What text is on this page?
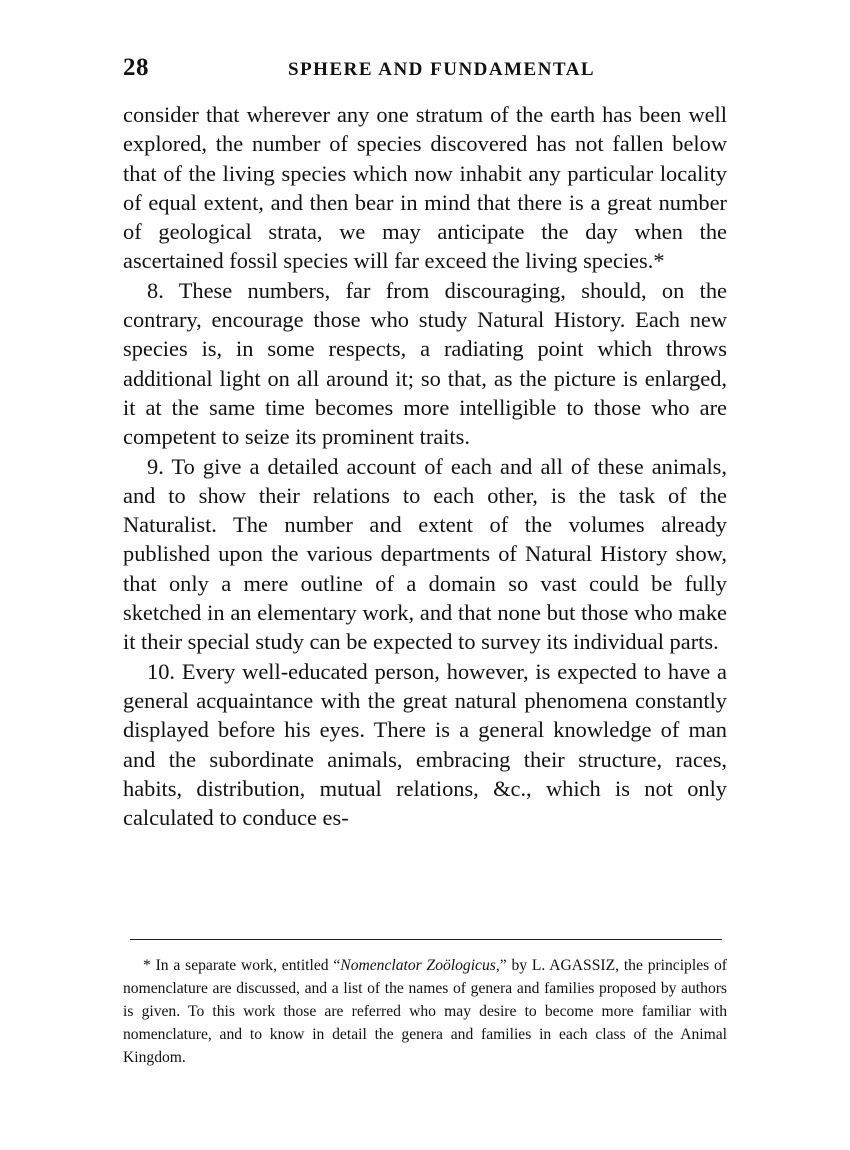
28	SPHERE AND FUNDAMENTAL

consider that wherever any one stratum of the earth has been well explored, the number of species discovered has not fallen below that of the living species which now inhabit any particular locality of equal extent, and then bear in mind that there is a great number of geological strata, we may anticipate the day when the ascertained fossil species will far exceed the living species.*

8. These numbers, far from discouraging, should, on the contrary, encourage those who study Natural History. Each new species is, in some respects, a radiating point which throws additional light on all around it; so that, as the picture is enlarged, it at the same time becomes more intelligible to those who are competent to seize its prominent traits.

9. To give a detailed account of each and all of these animals, and to show their relations to each other, is the task of the Naturalist. The number and extent of the volumes already published upon the various departments of Natural History show, that only a mere outline of a domain so vast could be fully sketched in an elementary work, and that none but those who make it their special study can be expected to survey its individual parts.

10. Every well-educated person, however, is expected to have a general acquaintance with the great natural phenomena constantly displayed before his eyes. There is a general knowledge of man and the subordinate animals, embracing their structure, races, habits, distribution, mutual relations, &c., which is not only calculated to conduce es-

* In a separate work, entitled “Nomenclator Zoölogicus,” by L. AGASSIZ, the principles of nomenclature are discussed, and a list of the names of genera and families proposed by authors is given. To this work those are referred who may desire to become more familiar with nomenclature, and to know in detail the genera and families in each class of the Animal Kingdom.
